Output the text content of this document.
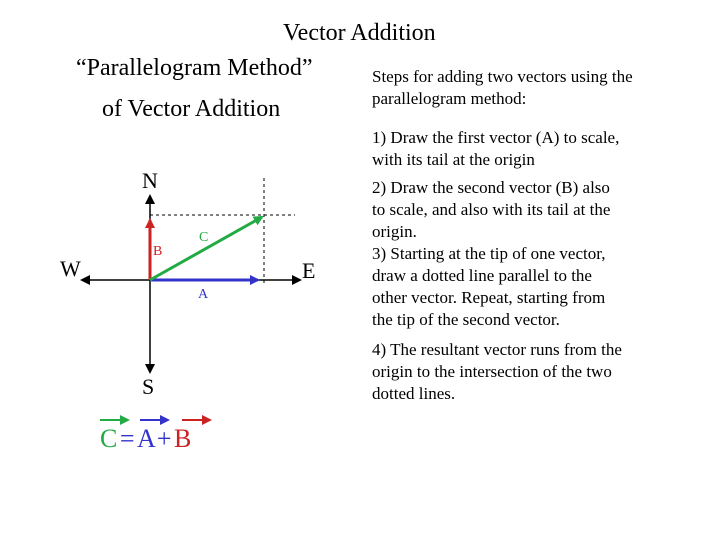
Vector Addition
“Parallelogram Method”
of Vector Addition
Steps for adding two vectors using the
parallelogram method:
1) Draw the first vector (A) to scale,
with its tail at the origin
2) Draw the second vector (B) also
to scale, and also with its tail at the
origin.
3) Starting at the tip of one vector,
draw a dotted line parallel to the
other vector. Repeat, starting from
the tip of the second vector.
4) The resultant vector runs from the
origin to the intersection of the two
dotted lines.
N
S
W	E
A
B
C
C = A + B
